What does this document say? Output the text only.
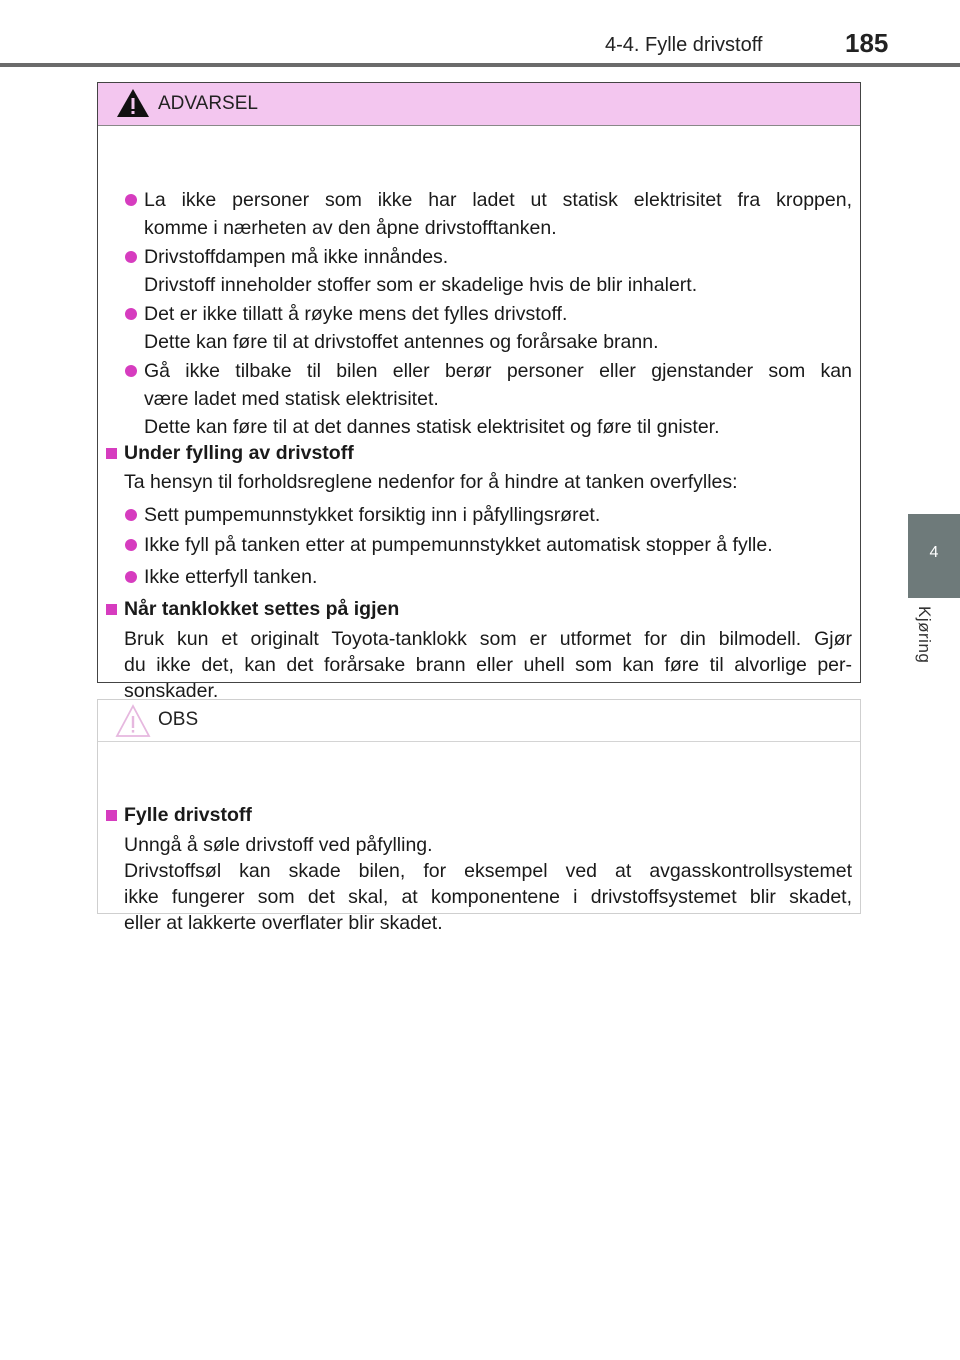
4-4. Fylle drivstoff	185
4
Kjøring
ADVARSEL
La ikke personer som ikke har ladet ut statisk elektrisitet fra kroppen,
komme i nærheten av den åpne drivstofftanken.
Drivstoffdampen må ikke innåndes.
Drivstoff inneholder stoffer som er skadelige hvis de blir inhalert.
Det er ikke tillatt å røyke mens det fylles drivstoff.
Dette kan føre til at drivstoffet antennes og forårsake brann.
Gå ikke tilbake til bilen eller berør personer eller gjenstander som kan
være ladet med statisk elektrisitet.
Dette kan føre til at det dannes statisk elektrisitet og føre til gnister.
Under fylling av drivstoff
Ta hensyn til forholdsreglene nedenfor for å hindre at tanken overfylles:
Sett pumpemunnstykket forsiktig inn i påfyllingsrøret.
Ikke fyll på tanken etter at pumpemunnstykket automatisk stopper å fylle.
Ikke etterfyll tanken.
Når tanklokket settes på igjen
Bruk kun et originalt Toyota-tanklokk som er utformet for din bilmodell. Gjør
du ikke det, kan det forårsake brann eller uhell som kan føre til alvorlige per-
sonskader.
OBS
Fylle drivstoff
Unngå å søle drivstoff ved påfylling.
Drivstoffsøl kan skade bilen, for eksempel ved at avgasskontrollsystemet
ikke fungerer som det skal, at komponentene i drivstoffsystemet blir skadet,
eller at lakkerte overflater blir skadet.
